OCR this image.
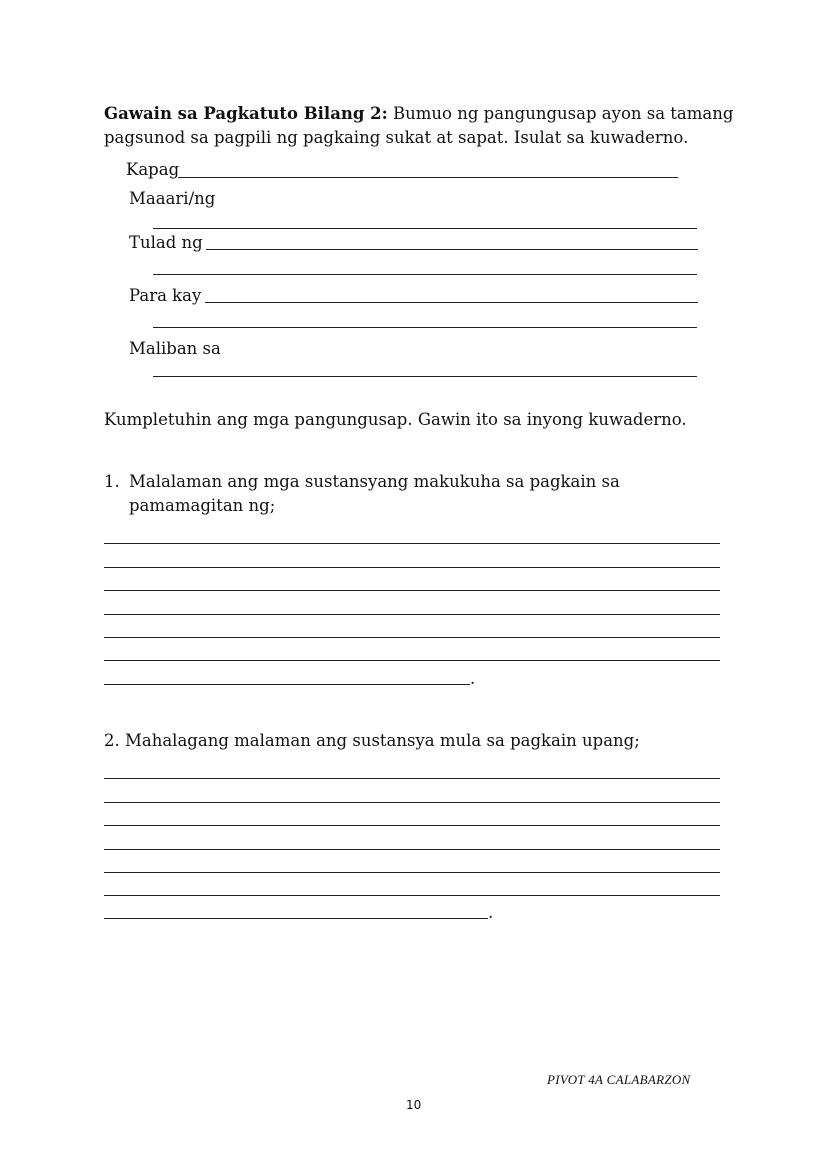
Gawain sa Pagkatuto Bilang 2: Bumuo ng pangungusap ayon sa tamang
pagsunod sa pagpili ng pagkaing sukat at sapat. Isulat sa kuwaderno.
Kapag
Maaari/ng
Tulad ng
Para kay
Maliban sa
Kumpletuhin ang mga pangungusap. Gawin ito sa inyong kuwaderno.
1. Malalaman ang mga sustansyang makukuha sa pagkain sa
pamamagitan ng;
.
2. Mahalagang malaman ang sustansya mula sa pagkain upang;
.
PIVOT 4A CALABARZON
10
